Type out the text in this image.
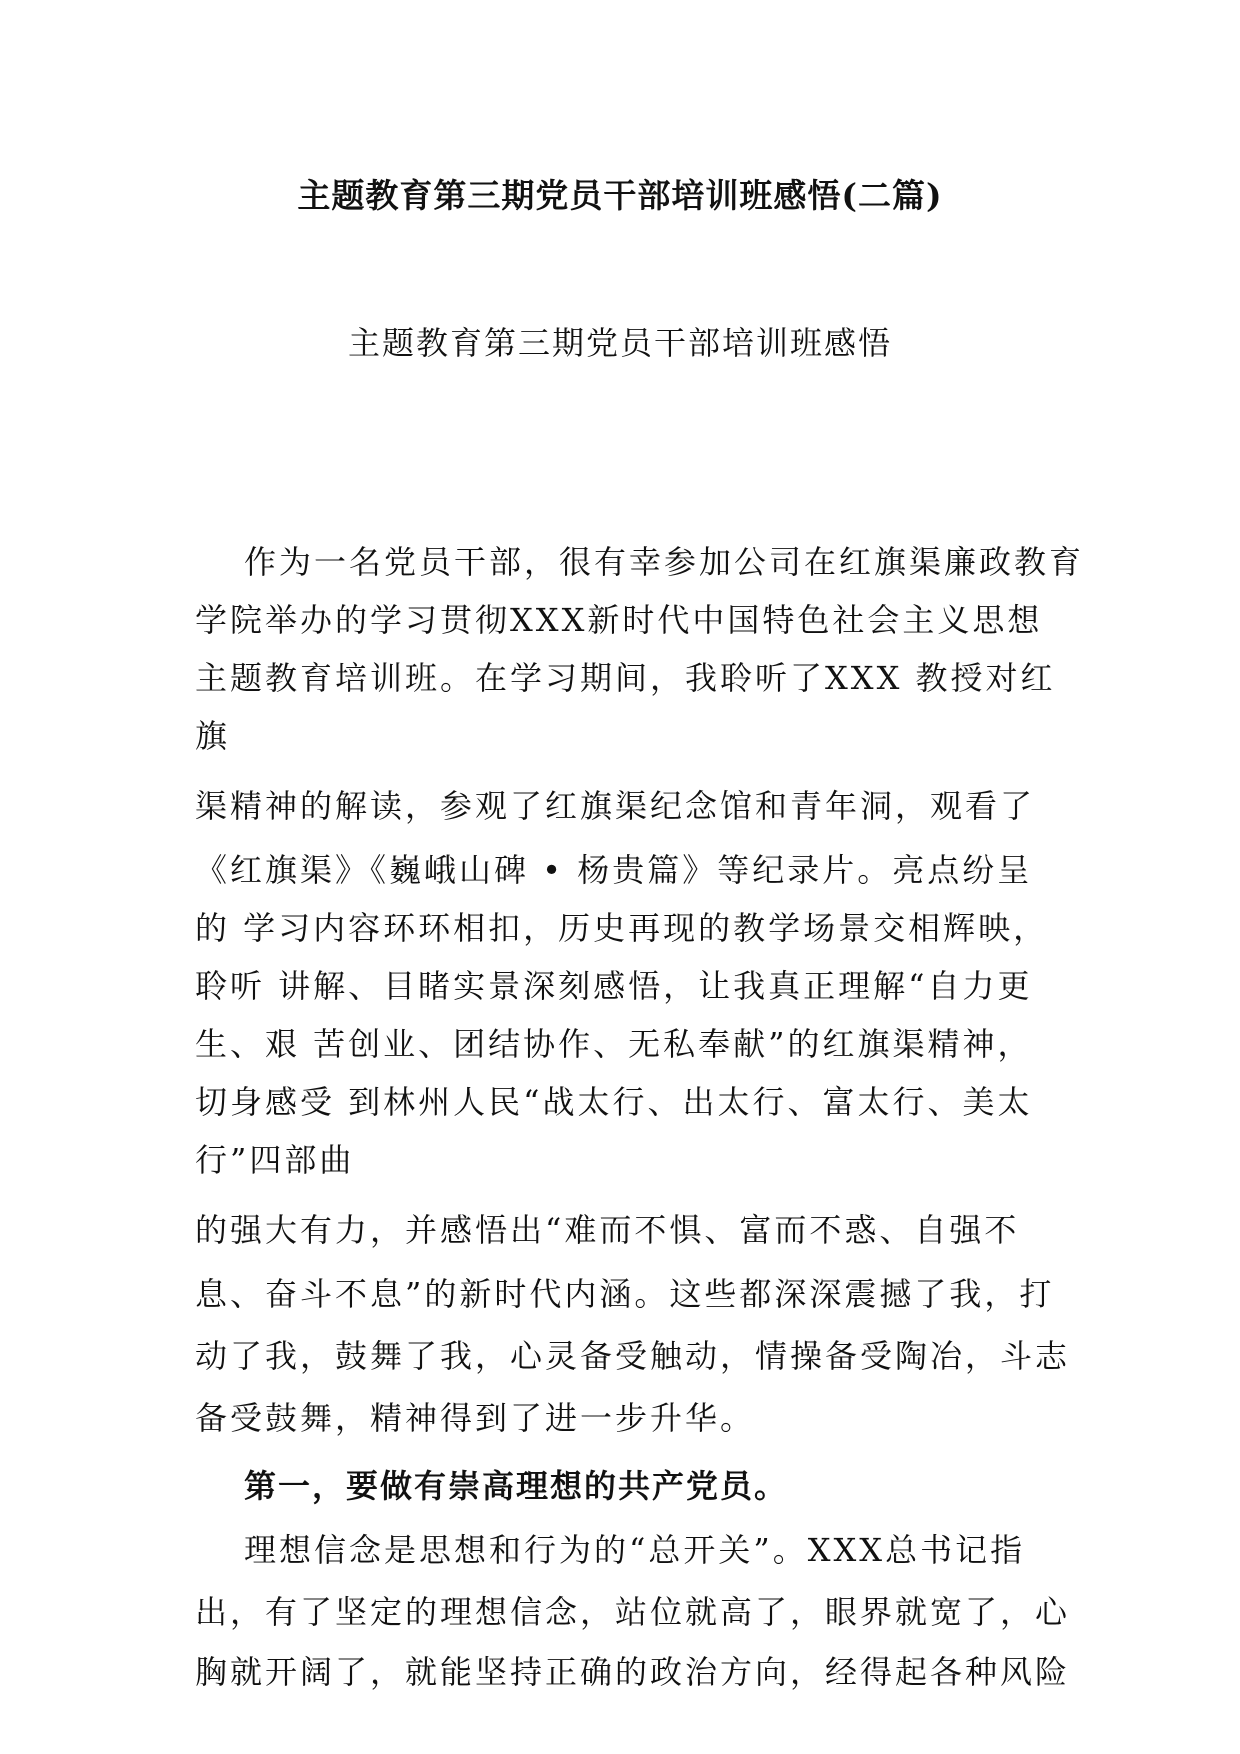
主题教育第三期党员干部培训班感悟(二篇)
主题教育第三期党员干部培训班感悟
作为一名党员干部，很有幸参加公司在红旗渠廉政教育
学院举办的学习贯彻XXX新时代中国特色社会主义思想
主题教育培训班。在学习期间，我聆听了XXX 教授对红
旗
渠精神的解读，参观了红旗渠纪念馆和青年洞，观看了
《红旗渠》《巍峨山碑 • 杨贵篇》等纪录片。亮点纷呈
的 学习内容环环相扣，历史再现的教学场景交相辉映，
聆听 讲解、目睹实景深刻感悟，让我真正理解“自力更
生、艰 苦创业、团结协作、无私奉献”的红旗渠精神，
切身感受 到林州人民“战太行、出太行、富太行、美太
行”四部曲
的强大有力，并感悟出“难而不惧、富而不惑、自强不
息、奋斗不息”的新时代内涵。这些都深深震撼了我，打
动了我，鼓舞了我，心灵备受触动，情操备受陶冶，斗志
备受鼓舞，精神得到了进一步升华。
第一，要做有崇高理想的共产党员。
理想信念是思想和行为的“总开关”。XXX总书记指
出，有了坚定的理想信念，站位就高了，眼界就宽了，心
胸就开阔了，就能坚持正确的政治方向，经得起各种风险
